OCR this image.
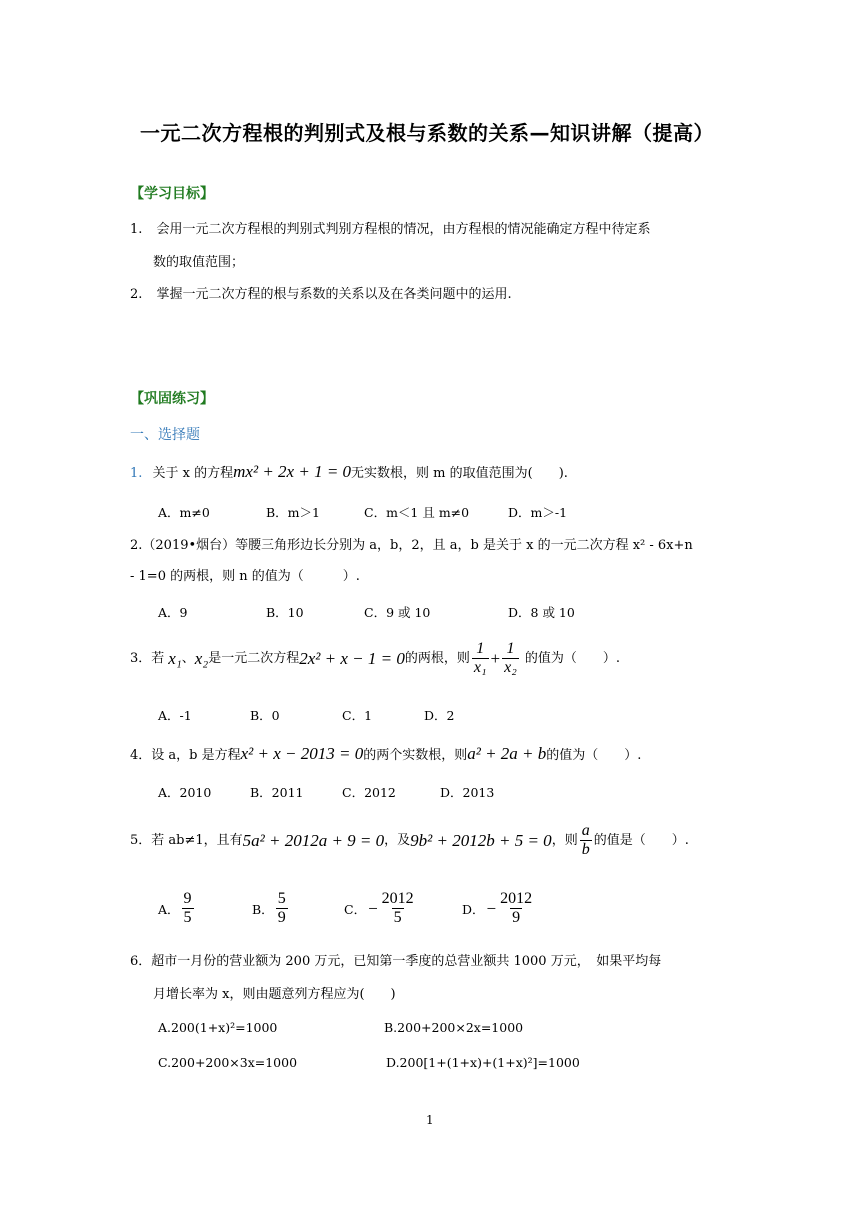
一元二次方程根的判别式及根与系数的关系—知识讲解（提高）
【学习目标】
1. 会用一元二次方程根的判别式判别方程根的情况，由方程根的情况能确定方程中待定系
数的取值范围；
2. 掌握一元二次方程的根与系数的关系以及在各类问题中的运用.
【巩固练习】
一、选择题
1. 关于 x 的方程mx² + 2x + 1 = 0无实数根，则 m 的取值范围为(　　).
A．m≠0	B．m＞1	C．m＜1 且 m≠0	D．m＞-1
2.（2019•烟台）等腰三角形边长分别为 a，b，2，且 a，b 是关于 x 的一元二次方程 x² - 6x+n
- 1=0 的两根，则 n 的值为（　　　）.
A．9	B．10	C．9 或 10	D．8 或 10
3．若 x₁ 、 x₂ 是一元二次方程 2x² + x − 1 = 0 的两根，则 $\frac{1}{\text{x₁}} + \frac{1}{\text{x₂}}$ 的值为（　　）.
A．-1	B．0	C．1	D．2
4．设 a，b 是方程x² + x − 2013 = 0的两个实数根，则a² + 2a + b的值为（　　）.
A．2010	B．2011	C．2012	D．2013
5．若 ab≠1，且有 5a² + 2012a + 9 = 0 ，及 9b² + 2012b + 5 = 0 ，则 $\frac{a}{b}$ 的值是（　　）.
A． $\frac{9}{5}$	B． $\frac{5}{9}$	C． − $\frac{2012}{5}$	D． − $\frac{2012}{9}$
6．超市一月份的营业额为 200 万元，已知第一季度的总营业额共 1000 万元，　如果平均每
月增长率为 x，则由题意列方程应为(　　)
A.200(1+x)²=1000	B.200+200×2x=1000
C.200+200×3x=1000	D.200[1+(1+x)+(1+x)²]=1000
1
